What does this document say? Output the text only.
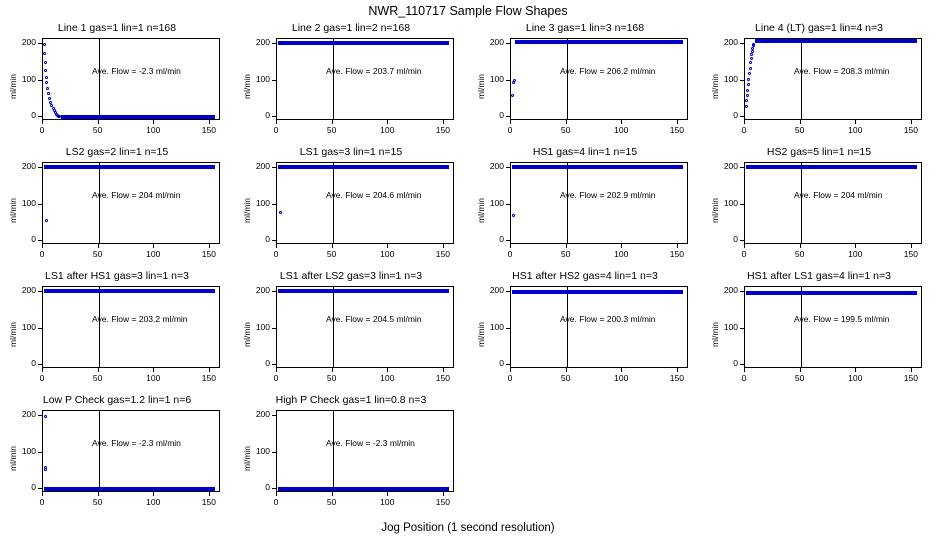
NWR_110717 Sample Flow Shapes
Line 1 gas=1 lin=1 n=168
ml/min
0
100
200
0	50	100	150
Ave. Flow = -2.3 ml/min
Line 2 gas=1 lin=2 n=168
ml/min
0
100
200
0	50	100	150
Ave. Flow = 203.7 ml/min
Line 3 gas=1 lin=3 n=168
ml/min
0
100
200
0	50	100	150
Ave. Flow = 206.2 ml/min
Line 4 (LT) gas=1 lin=4 n=3
ml/min
0
100
200
0	50	100	150
Ave. Flow = 208.3 ml/min
LS2 gas=2 lin=1 n=15
ml/min
0
100
200
0	50	100	150
Ave. Flow = 204 ml/min
LS1 gas=3 lin=1 n=15
ml/min
0
100
200
0	50	100	150
Ave. Flow = 204.6 ml/min
HS1 gas=4 lin=1 n=15
ml/min
0
100
200
0	50	100	150
Ave. Flow = 202.9 ml/min
HS2 gas=5 lin=1 n=15
ml/min
0
100
200
0	50	100	150
Ave. Flow = 204 ml/min
LS1 after HS1 gas=3 lin=1 n=3
ml/min
0
100
200
0	50	100	150
Ave. Flow = 203.2 ml/min
LS1 after LS2 gas=3 lin=1 n=3
ml/min
0
100
200
0	50	100	150
Ave. Flow = 204.5 ml/min
HS1 after HS2 gas=4 lin=1 n=3
ml/min
0
100
200
0	50	100	150
Ave. Flow = 200.3 ml/min
HS1 after LS1 gas=4 lin=1 n=3
ml/min
0
100
200
0	50	100	150
Ave. Flow = 199.5 ml/min
Low P Check gas=1.2 lin=1 n=6
ml/min
0
100
200
0	50	100	150
Ave. Flow = -2.3 ml/min
High P Check gas=1 lin=0.8 n=3
ml/min
0
100
200
0	50	100	150
Ave. Flow = -2.3 ml/min
Jog Position (1 second resolution)
